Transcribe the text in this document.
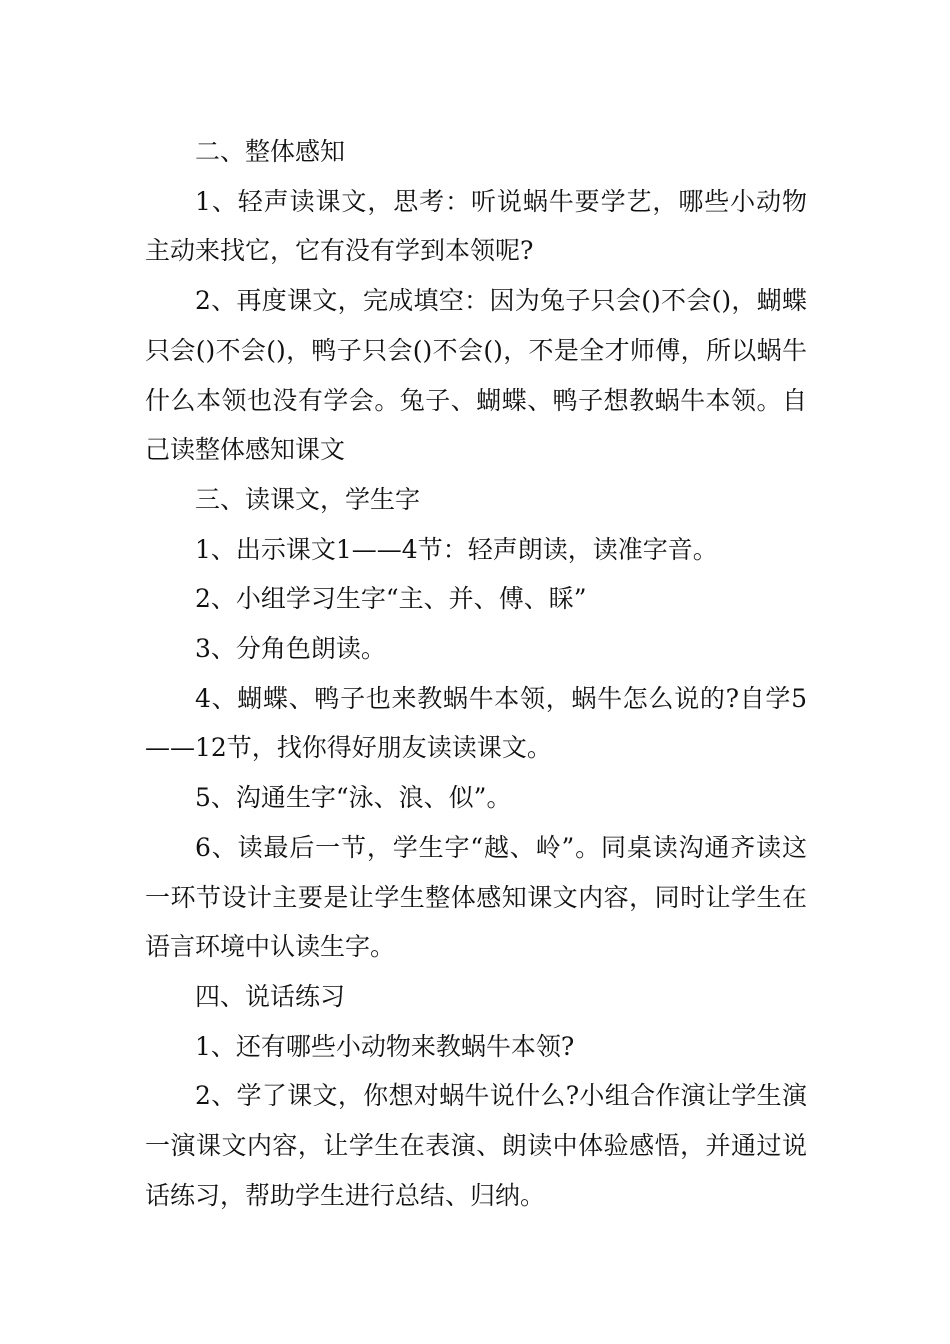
二、整体感知

1、轻声读课文，思考：听说蜗牛要学艺，哪些小动物主动来找它，它有没有学到本领呢?

2、再度课文，完成填空：因为兔子只会()不会()，蝴蝶只会()不会()，鸭子只会()不会()，不是全才师傅，所以蜗牛什么本领也没有学会。兔子、蝴蝶、鸭子想教蜗牛本领。自己读整体感知课文

三、读课文，学生字

1、出示课文1——4节：轻声朗读，读准字音。

2、小组学习生字“主、并、傅、睬”

3、分角色朗读。

4、蝴蝶、鸭子也来教蜗牛本领，蜗牛怎么说的?自学5——12节，找你得好朋友读读课文。

5、沟通生字“泳、浪、似”。

6、读最后一节，学生字“越、岭”。同桌读沟通齐读这一环节设计主要是让学生整体感知课文内容，同时让学生在语言环境中认读生字。

四、说话练习

1、还有哪些小动物来教蜗牛本领?

2、学了课文，你想对蜗牛说什么?小组合作演让学生演一演课文内容，让学生在表演、朗读中体验感悟，并通过说话练习，帮助学生进行总结、归纳。
